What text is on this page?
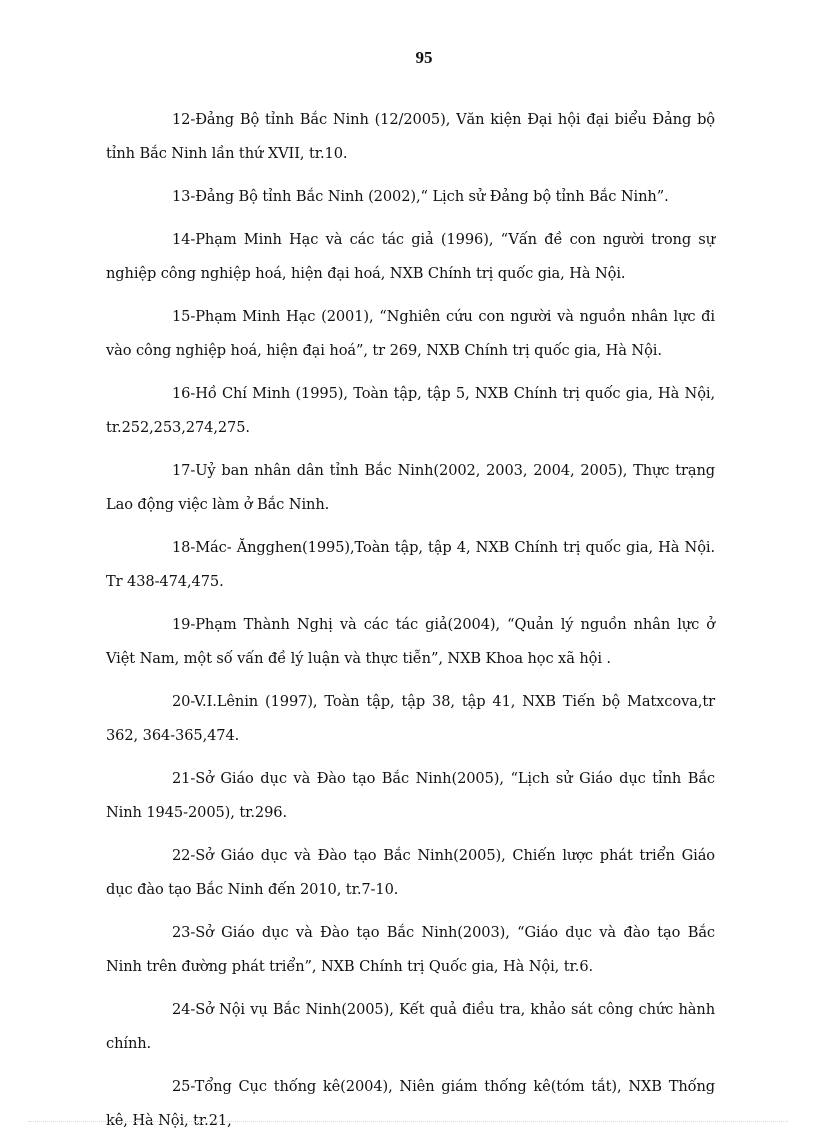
95

12-Đảng Bộ tỉnh Bắc Ninh (12/2005), Văn kiện Đại hội đại biểu Đảng bộ tỉnh Bắc Ninh lần thứ XVII, tr.10.

13-Đảng Bộ tỉnh Bắc Ninh (2002),“ Lịch sử Đảng bộ tỉnh Bắc Ninh”.

14-Phạm Minh Hạc và các tác giả (1996), “Vấn đề con người trong sự nghiệp công nghiệp hoá, hiện đại hoá, NXB Chính trị quốc gia, Hà Nội.

15-Phạm Minh Hạc (2001), “Nghiên cứu con người và nguồn nhân lực đi vào công nghiệp hoá, hiện đại hoá”, tr 269, NXB Chính trị quốc gia, Hà Nội.

16-Hồ Chí Minh (1995), Toàn tập, tập 5, NXB Chính trị quốc gia, Hà Nội, tr.252,253,274,275.

17-Uỷ ban nhân dân tỉnh Bắc Ninh(2002, 2003, 2004, 2005), Thực trạng Lao động việc làm ở Bắc Ninh.

18-Mác- Ăngghen(1995),Toàn tập, tập 4, NXB Chính trị quốc gia, Hà Nội. Tr 438-474,475.

19-Phạm Thành Nghị và các tác giả(2004), “Quản lý nguồn nhân lực ở Việt Nam, một số vấn đề lý luận và thực tiễn”, NXB Khoa học xã hội .

20-V.I.Lênin (1997), Toàn tập, tập 38, tập 41, NXB Tiến bộ Matxcova,tr 362, 364-365,474.

21-Sở Giáo dục và Đào tạo Bắc Ninh(2005), “Lịch sử Giáo dục tỉnh Bắc Ninh 1945-2005), tr.296.

22-Sở Giáo dục và Đào tạo Bắc Ninh(2005), Chiến lược phát triển Giáo dục đào tạo Bắc Ninh đến 2010, tr.7-10.

23-Sở Giáo dục và Đào tạo Bắc Ninh(2003), “Giáo dục và đào tạo Bắc Ninh trên đường phát triển”, NXB Chính trị Quốc gia, Hà Nội, tr.6.

24-Sở Nội vụ Bắc Ninh(2005), Kết quả điều tra, khảo sát công chức hành chính.

25-Tổng Cục thống kê(2004), Niên giám thống kê(tóm tắt), NXB Thống kê, Hà Nội, tr.21,
